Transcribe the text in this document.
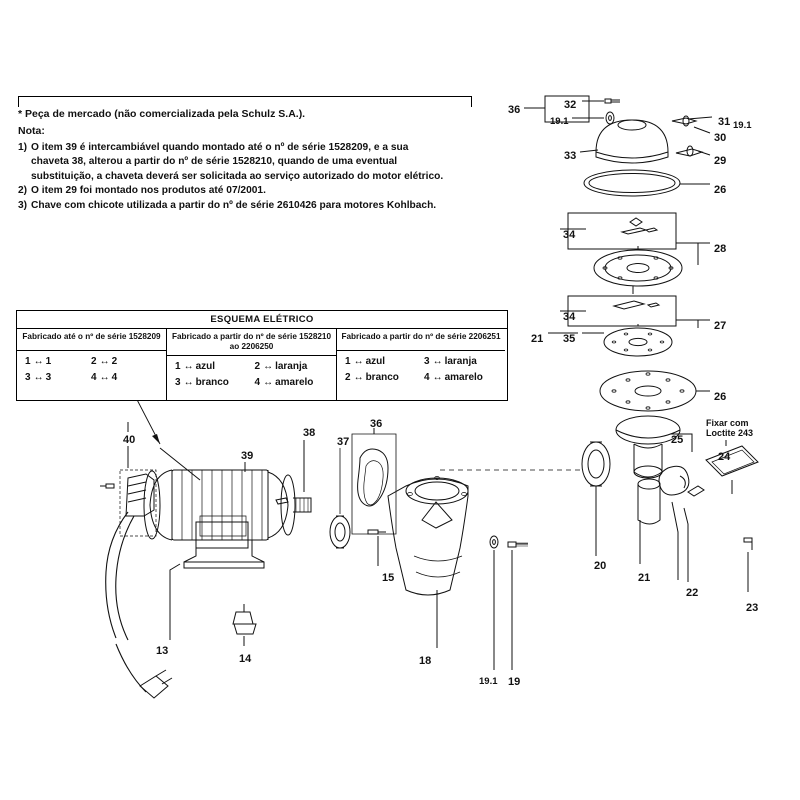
* Peça de mercado (não comercializada pela Schulz S.A.).
Nota:
1) O item 39 é intercambiável quando montado até o nº de série 1528209, e a sua
chaveta 38, alterou a partir do nº de série 1528210, quando de uma eventual
substituição, a chaveta deverá ser solicitada ao serviço autorizado do motor elétrico.
2) O item 29 foi montado nos produtos até 07/2001.
3) Chave com chicote utilizada a partir do nº de série 2610426 para motores Kohlbach.
ESQUEMA ELÉTRICO
Fabricado até o nº de série 1528209
1 ↔ 1	2 ↔ 2
3 ↔ 3	4 ↔ 4
Fabricado a partir do nº de série 1528210 ao 2206250
1 ↔ azul	2 ↔ laranja
3 ↔ branco	4 ↔ amarelo
Fabricado a partir do nº de série 2206251
1 ↔ azul	3 ↔ laranja
2 ↔ branco	4 ↔ amarelo
Fixar com
Loctite 243
36	32
31
19.1	19.1
30
33	29
26
34
28
34
27
21 35
26
25
24
20
21
22
23
40
38
39
36
37
13
14
15
18
19.1 19
